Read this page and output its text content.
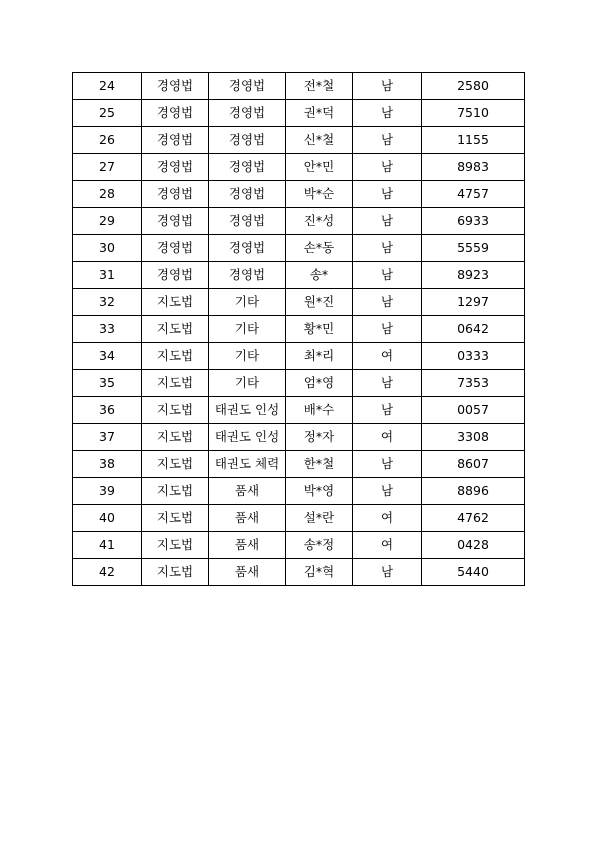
24	경영법	경영법	전*철	남	2580
25	경영법	경영법	권*덕	남	7510
26	경영법	경영법	신*철	남	1155
27	경영법	경영법	안*민	남	8983
28	경영법	경영법	박*순	남	4757
29	경영법	경영법	진*성	남	6933
30	경영법	경영법	손*동	남	5559
31	경영법	경영법	송*	남	8923
32	지도법	기타	원*진	남	1297
33	지도법	기타	황*민	남	0642
34	지도법	기타	최*리	여	0333
35	지도법	기타	엄*영	남	7353
36	지도법	태권도 인성	배*수	남	0057
37	지도법	태권도 인성	정*자	여	3308
38	지도법	태권도 체력	한*철	남	8607
39	지도법	품새	박*영	남	8896
40	지도법	품새	설*란	여	4762
41	지도법	품새	송*정	여	0428
42	지도법	품새	김*혁	남	5440
